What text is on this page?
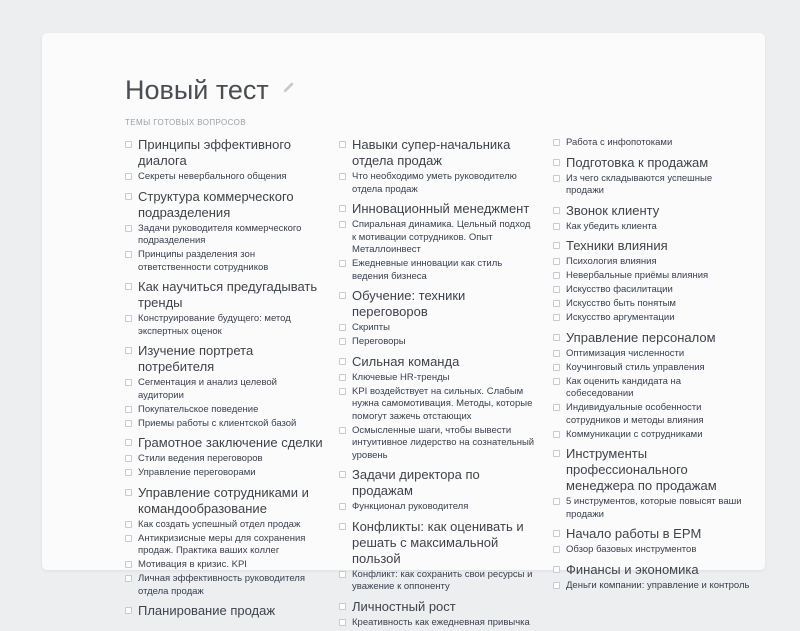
Новый тест
ТЕМЫ ГОТОВЫХ ВОПРОСОВ
Принципы эффективного диалога
Секреты невербального общения
Структура коммерческого подразделения
Задачи руководителя коммерческого подразделения
Принципы разделения зон ответственности сотрудников
Как научиться предугадывать тренды
Конструирование будущего: метод экспертных оценок
Изучение портрета потребителя
Сегментация и анализ целевой аудитории
Покупательское поведение
Приемы работы с клиентской базой
Грамотное заключение сделки
Стили ведения переговоров
Управление переговорами
Управление сотрудниками и командообразование
Как создать успешный отдел продаж
Антикризисные меры для сохранения продаж. Практика ваших коллег
Мотивация в кризис. KPI
Личная эффективность руководителя отдела продаж
Планирование продаж
Навыки супер-начальника отдела продаж
Что необходимо уметь руководителю отдела продаж
Инновационный менеджмент
Спиральная динамика. Цельный подход к мотивации сотрудников. Опыт Металлоинвест
Ежедневные инновации как стиль ведения бизнеса
Обучение: техники переговоров
Скрипты
Переговоры
Сильная команда
Ключевые HR-тренды
KPI воздействует на сильных. Слабым нужна самомотивация. Методы, которые помогут зажечь отстающих
Осмысленные шаги, чтобы вывести интуитивное лидерство на сознательный уровень
Задачи директора по продажам
Функционал руководителя
Конфликты: как оценивать и решать с максимальной пользой
Конфликт: как сохранить свои ресурсы и уважение к оппоненту
Личностный рост
Креативность как ежедневная привычка
Работа с инфопотоками
Подготовка к продажам
Из чего складываются успешные продажи
Звонок клиенту
Как убедить клиента
Техники влияния
Психология влияния
Невербальные приёмы влияния
Искусство фасилитации
Искусство быть понятым
Искусство аргументации
Управление персоналом
Оптимизация численности
Коучинговый стиль управления
Как оценить кандидата на собеседовании
Индивидуальные особенности сотрудников и методы влияния
Коммуникации с сотрудниками
Инструменты профессионального менеджера по продажам
5 инструментов, которые повысят ваши продажи
Начало работы в EPM
Обзор базовых инструментов
Финансы и экономика
Деньги компании: управление и контроль
